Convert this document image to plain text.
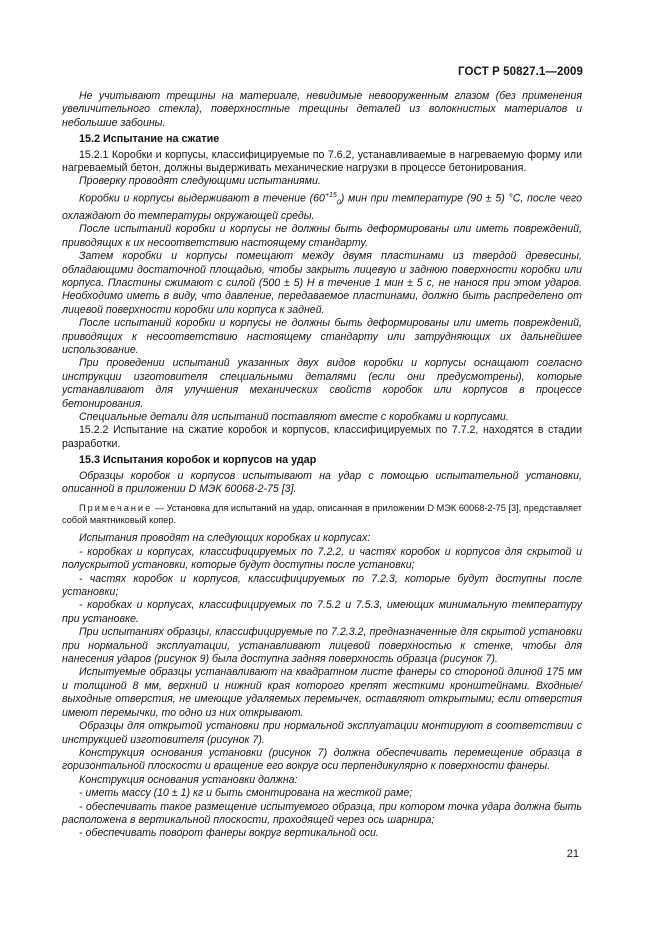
ГОСТ Р 50827.1—2009

Не учитывают трещины на материале, невидимые невооруженным глазом (без применения увеличительного стекла), поверхностные трещины деталей из волокнистых материалов и небольшие забоины.

15.2 Испытание на сжатие

15.2.1 Коробки и корпусы, классифицируемые по 7.6.2, устанавливаемые в нагреваемую форму или нагреваемый бетон, должны выдерживать механические нагрузки в процессе бетонирования.

Проверку проводят следующими испытаниями.

Коробки и корпусы выдерживают в течение $(60^{+15}_0)$ мин при температуре (90 ± 5) °С, после чего охлаждают до температуры окружающей среды.

После испытаний коробки и корпусы не должны быть деформированы или иметь повреждений, приводящих к их несоответствию настоящему стандарту.

Затем коробки и корпусы помещают между двумя пластинами из твердой древесины, обладающими достаточной площадью, чтобы закрыть лицевую и заднюю поверхности коробки или корпуса. Пластины сжимают с силой (500 ± 5) Н в течение 1 мин ± 5 с, не нанося при этом ударов. Необходимо иметь в виду, что давление, передаваемое пластинами, должно быть распределено от лицевой поверхности коробки или корпуса к задней.

После испытаний коробки и корпусы не должны быть деформированы или иметь повреждений, приводящих к несоответствию настоящему стандарту или затрудняющих их дальнейшее использование.

При проведении испытаний указанных двух видов коробки и корпусы оснащают согласно инструкции изготовителя специальными деталями (если они предусмотрены), которые устанавливают для улучшения механических свойств коробок или корпусов в процессе бетонирования.

Специальные детали для испытаний поставляют вместе с коробками и корпусами.

15.2.2 Испытание на сжатие коробок и корпусов, классифицируемых по 7.7.2, находятся в стадии разработки.

15.3 Испытания коробок и корпусов на удар

Образцы коробок и корпусов испытывают на удар с помощью испытательной установки, описанной в приложении D МЭК 60068-2-75 [3].

Примечание — Установка для испытаний на удар, описанная в приложении D МЭК 60068-2-75 [3], представляет собой маятниковый копер.

Испытания проводят на следующих коробках и корпусах:

- коробках и корпусах, классифицируемых по 7.2.2, и частях коробок и корпусов для скрытой и полускрытой установки, которые будут доступны после установки;

- частях коробок и корпусов, классифицируемых по 7.2.3, которые будут доступны после установки;

- коробках и корпусах, классифицируемых по 7.5.2 и 7.5.3, имеющих минимальную температуру при установке.

При испытаниях образцы, классифицируемые по 7.2.3.2, предназначенные для скрытой установки при нормальной эксплуатации, устанавливают лицевой поверхностью к стенке, чтобы для нанесения ударов (рисунок 9) была доступна задняя поверхность образца (рисунок 7).

Испытуемые образцы устанавливают на квадратном листе фанеры со стороной длиной 175 мм и толщиной 8 мм, верхний и нижний края которого крепят жесткими кронштейнами. Входные/выходные отверстия, не имеющие удаляемых перемычек, оставляют открытыми; если отверстия имеют перемычки, то одно из них открывают.

Образцы для открытой установки при нормальной эксплуатации монтируют в соответствии с инструкцией изготовителя (рисунок 7).

Конструкция основания установки (рисунок 7) должна обеспечивать перемещение образца в горизонтальной плоскости и вращение его вокруг оси перпендикулярно к поверхности фанеры.

Конструкция основания установки должна:

- иметь массу (10 ± 1) кг и быть смонтирована на жесткой раме;

- обеспечивать такое размещение испытуемого образца, при котором точка удара должна быть расположена в вертикальной плоскости, проходящей через ось шарнира;

- обеспечивать поворот фанеры вокруг вертикальной оси.

21
